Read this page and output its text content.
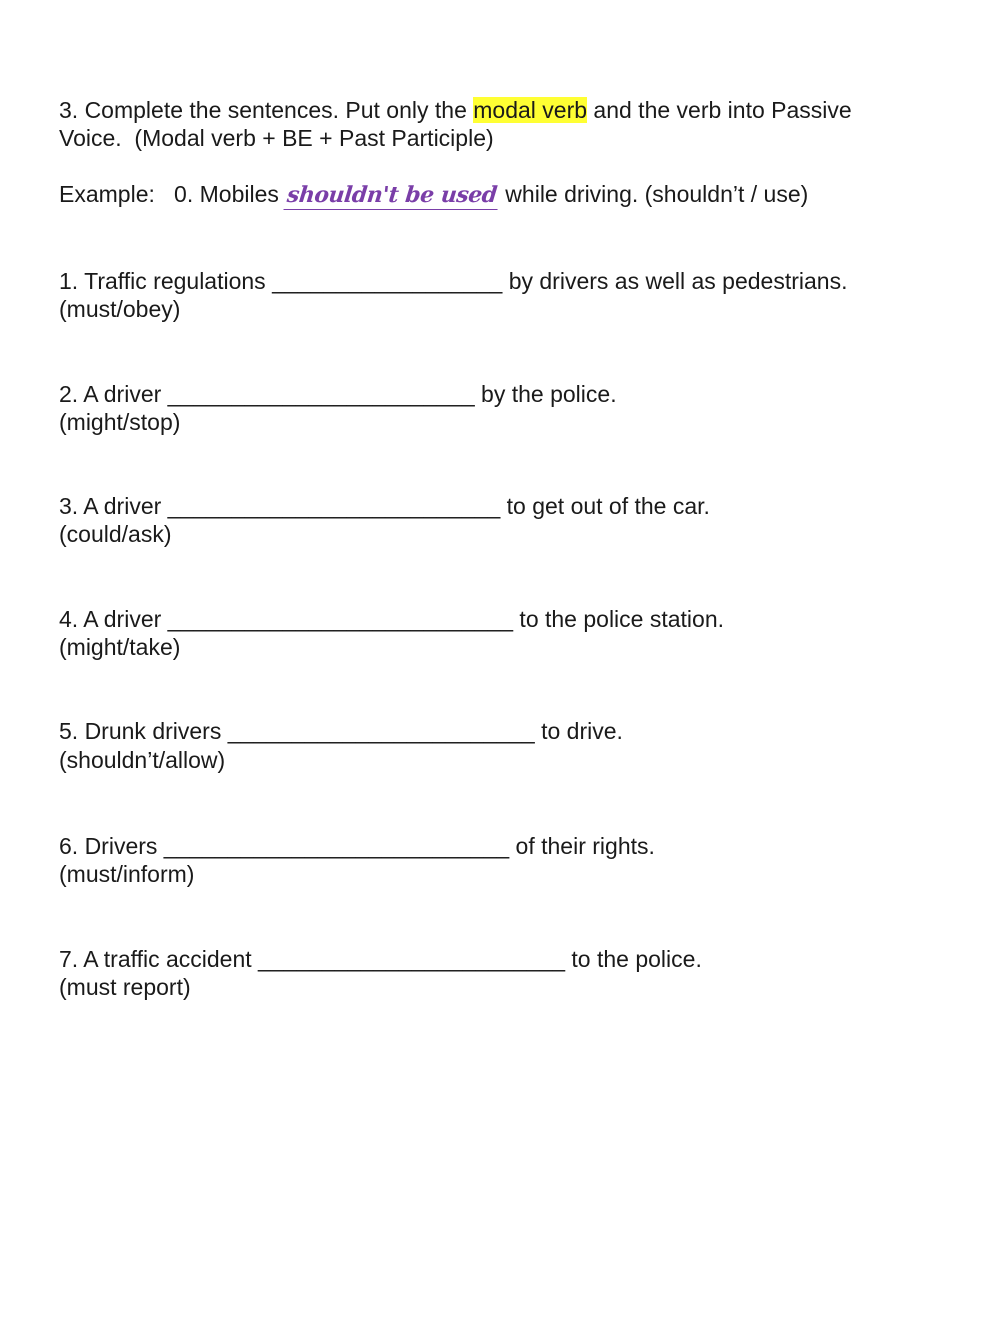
3. Complete the sentences. Put only the modal verb and the verb into Passive
Voice.  (Modal verb + BE + Past Participle)
Example:   0. Mobiles shouldn't be used while driving. (shouldn’t / use)
1. Traffic regulations __________________ by drivers as well as pedestrians.
(must/obey)
2. A driver ________________________ by the police.
(might/stop)
3. A driver __________________________ to get out of the car.
(could/ask)
4. A driver ___________________________ to the police station.
(might/take)
5. Drunk drivers ________________________ to drive.
(shouldn’t/allow)
6. Drivers ___________________________ of their rights.
(must/inform)
7. A traffic accident ________________________ to the police.
(must report)
